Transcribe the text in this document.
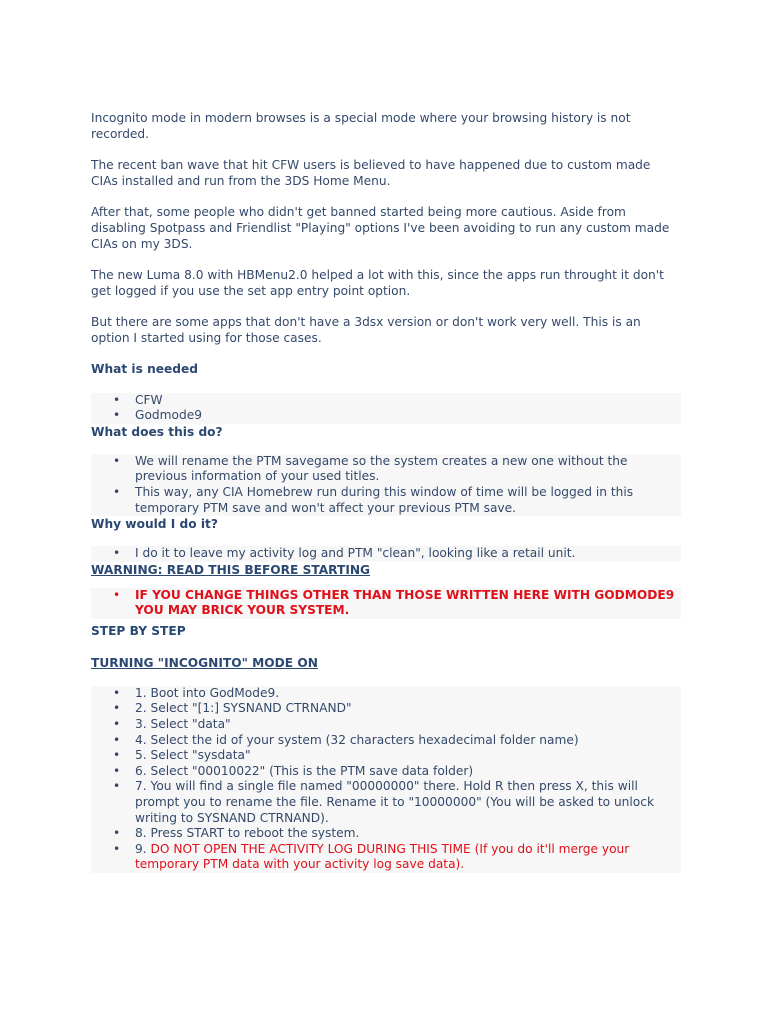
Incognito mode in modern browses is a special mode where your browsing history is not recorded.

The recent ban wave that hit CFW users is believed to have happened due to custom made CIAs installed and run from the 3DS Home Menu.

After that, some people who didn't get banned started being more cautious. Aside from disabling Spotpass and Friendlist "Playing" options I've been avoiding to run any custom made CIAs on my 3DS.

The new Luma 8.0 with HBMenu2.0 helped a lot with this, since the apps run throught it don't get logged if you use the set app entry point option.

But there are some apps that don't have a 3dsx version or don't work very well. This is an option I started using for those cases.

What is needed
• CFW
• Godmode9
What does this do?
• We will rename the PTM savegame so the system creates a new one without the previous information of your used titles.
• This way, any CIA Homebrew run during this window of time will be logged in this temporary PTM save and won't affect your previous PTM save.
Why would I do it?
• I do it to leave my activity log and PTM "clean", looking like a retail unit.
WARNING: READ THIS BEFORE STARTING
• IF YOU CHANGE THINGS OTHER THAN THOSE WRITTEN HERE WITH GODMODE9 YOU MAY BRICK YOUR SYSTEM.
STEP BY STEP
TURNING "INCOGNITO" MODE ON
• 1. Boot into GodMode9.
• 2. Select "[1:] SYSNAND CTRNAND"
• 3. Select "data"
• 4. Select the id of your system (32 characters hexadecimal folder name)
• 5. Select "sysdata"
• 6. Select "00010022" (This is the PTM save data folder)
• 7. You will find a single file named "00000000" there. Hold R then press X, this will prompt you to rename the file. Rename it to "10000000" (You will be asked to unlock writing to SYSNAND CTRNAND).
• 8. Press START to reboot the system.
• 9. DO NOT OPEN THE ACTIVITY LOG DURING THIS TIME (If you do it'll merge your temporary PTM data with your activity log save data).
